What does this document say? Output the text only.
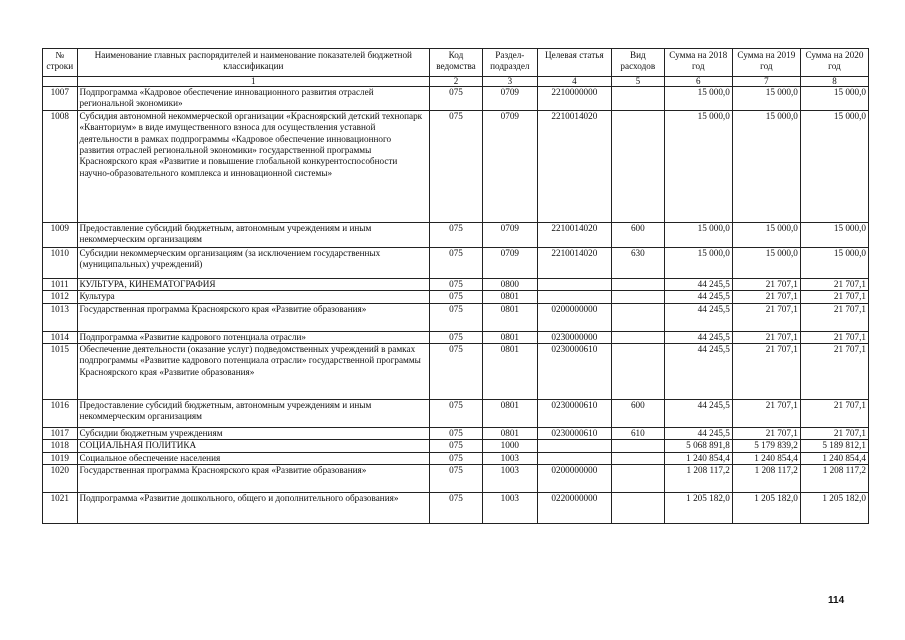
№ строки	Наименование главных распорядителей и наименование показателей бюджетной классификации	Код ведомства	Раздел-подраздел	Целевая статья	Вид расходов	Сумма на 2018 год	Сумма на 2019 год	Сумма на 2020 год
	1	2	3	4	5	6	7	8
1007	Подпрограмма «Кадровое обеспечение инновационного развития отраслей региональной экономики»	075	0709	2210000000		15 000,0	15 000,0	15 000,0
1008	Субсидия автономной некоммерческой организации «Красноярский детский технопарк «Кванториум» в виде имущественного взноса для осуществления уставной деятельности в рамках подпрограммы «Кадровое обеспечение инновационного развития отраслей региональной экономики» государственной программы Красноярского края «Развитие и повышение глобальной конкурентоспособности научно-образовательного комплекса и инновационной системы»	075	0709	2210014020		15 000,0	15 000,0	15 000,0
1009	Предоставление субсидий бюджетным, автономным учреждениям и иным некоммерческим организациям	075	0709	2210014020	600	15 000,0	15 000,0	15 000,0
1010	Субсидии некоммерческим организациям (за исключением государственных (муниципальных) учреждений)	075	0709	2210014020	630	15 000,0	15 000,0	15 000,0
1011	КУЛЬТУРА, КИНЕМАТОГРАФИЯ	075	0800			44 245,5	21 707,1	21 707,1
1012	Культура	075	0801			44 245,5	21 707,1	21 707,1
1013	Государственная программа Красноярского края «Развитие образования»	075	0801	0200000000		44 245,5	21 707,1	21 707,1
1014	Подпрограмма «Развитие кадрового потенциала отрасли»	075	0801	0230000000		44 245,5	21 707,1	21 707,1
1015	Обеспечение деятельности (оказание услуг) подведомственных учреждений в рамках подпрограммы «Развитие кадрового потенциала отрасли» государственной программы Красноярского края «Развитие образования»	075	0801	0230000610		44 245,5	21 707,1	21 707,1
1016	Предоставление субсидий бюджетным, автономным учреждениям и иным некоммерческим организациям	075	0801	0230000610	600	44 245,5	21 707,1	21 707,1
1017	Субсидии бюджетным учреждениям	075	0801	0230000610	610	44 245,5	21 707,1	21 707,1
1018	СОЦИАЛЬНАЯ ПОЛИТИКА	075	1000			5 068 891,8	5 179 839,2	5 189 812,1
1019	Социальное обеспечение населения	075	1003			1 240 854,4	1 240 854,4	1 240 854,4
1020	Государственная программа Красноярского края «Развитие образования»	075	1003	0200000000		1 208 117,2	1 208 117,2	1 208 117,2
1021	Подпрограмма «Развитие дошкольного, общего и дополнительного образования»	075	1003	0220000000		1 205 182,0	1 205 182,0	1 205 182,0
114
